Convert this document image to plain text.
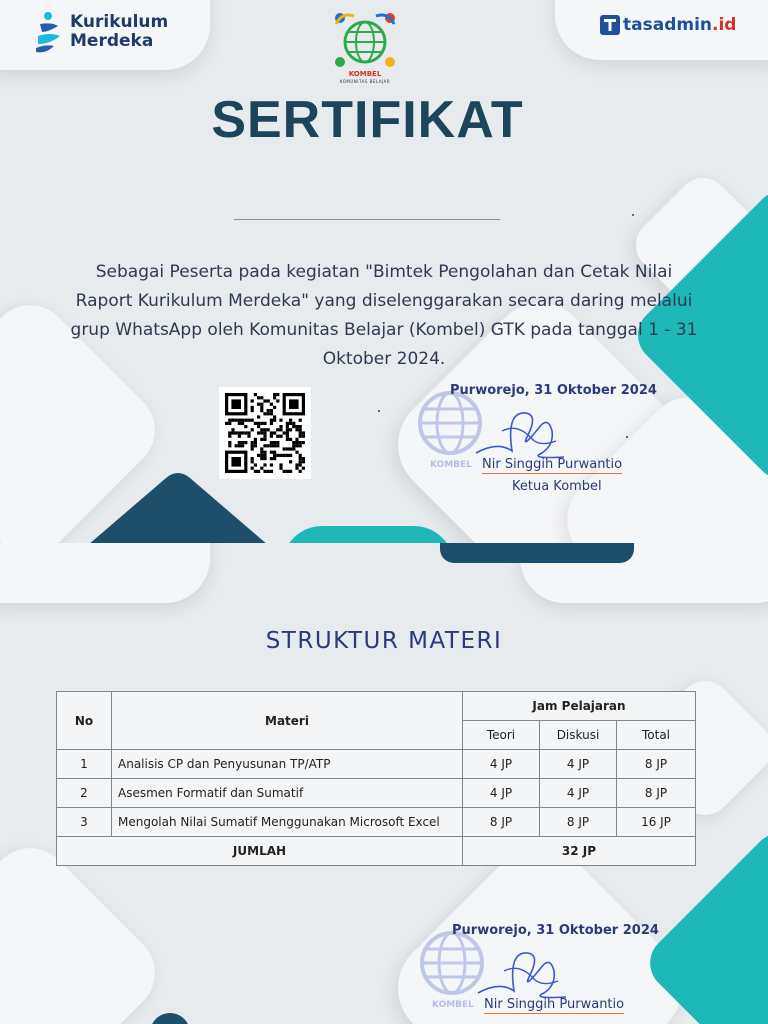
Kurikulum
Merdeka
KOMBEL
KOMUNITAS BELAJAR
tasadmin .id
SERTIFIKAT
Sebagai Peserta pada kegiatan "Bimtek Pengolahan dan Cetak Nilai Raport Kurikulum Merdeka" yang diselenggarakan secara daring melalui grup WhatsApp oleh Komunitas Belajar (Kombel) GTK pada tanggal 1 - 31 Oktober 2024.
KOMBEL
Purworejo, 31 Oktober 2024
Nir Singgih Purwantio
Ketua Kombel
STRUKTUR MATERI
No	Materi	Jam Pelajaran		
		Teori	Diskusi	Total
1	Analisis CP dan Penyusunan TP/ATP	4 JP	4 JP	8 JP
2	Asesmen Formatif dan Sumatif	4 JP	4 JP	8 JP
3	Mengolah Nilai Sumatif Menggunakan Microsoft Excel	8 JP	8 JP	16 JP
JUMLAH		32 JP		
KOMBEL
Purworejo, 31 Oktober 2024
Nir Singgih Purwantio
